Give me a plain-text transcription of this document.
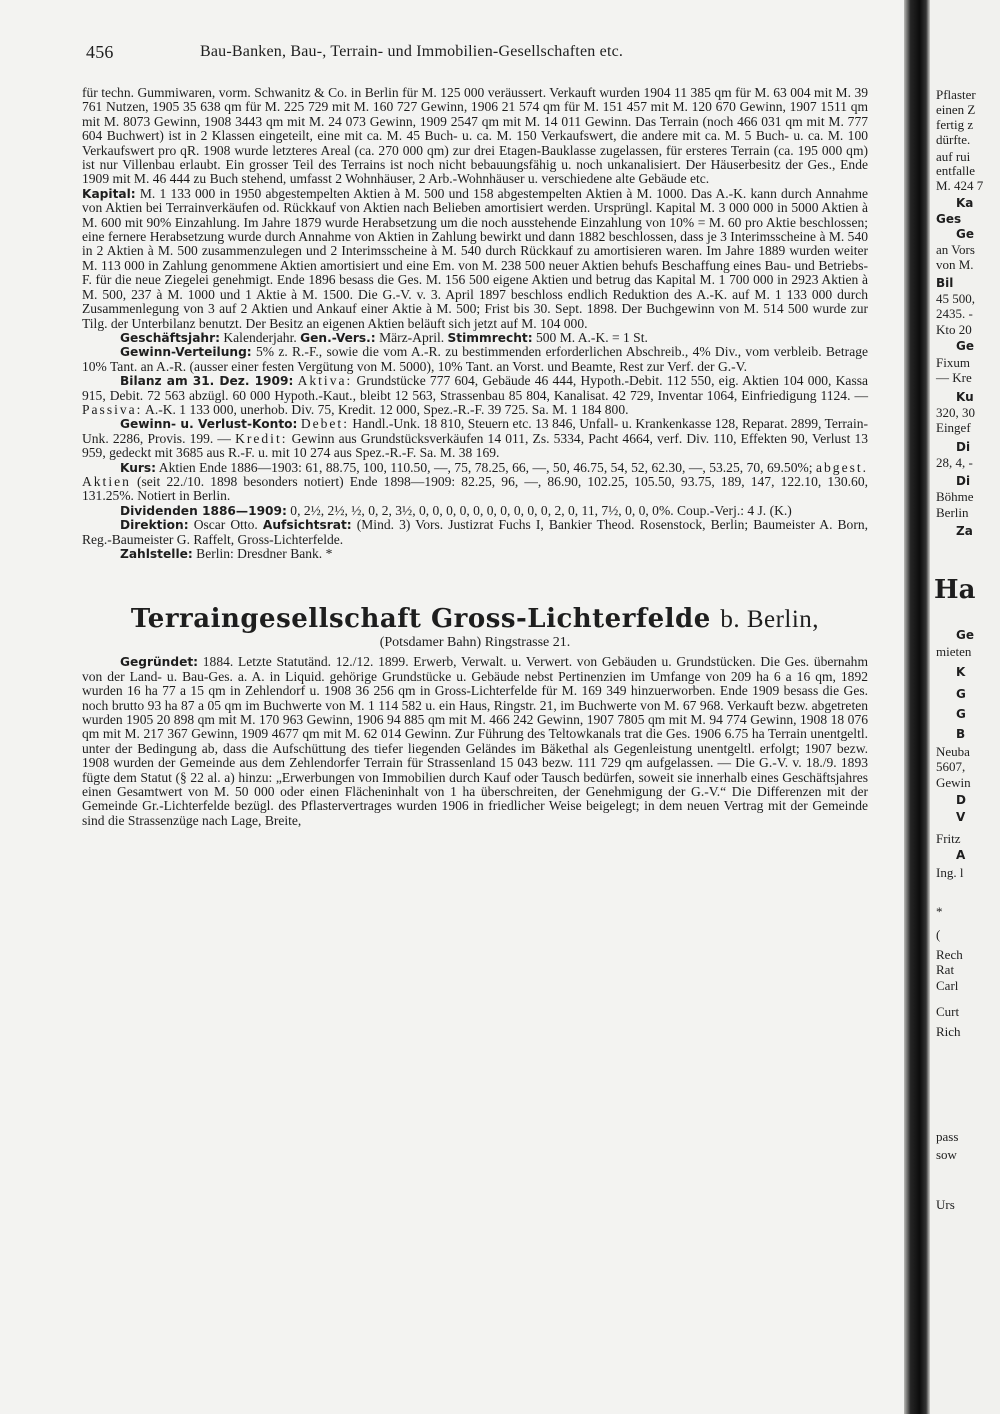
456	Bau-Banken, Bau-, Terrain- und Immobilien-Gesellschaften etc.

für techn. Gummiwaren, vorm. Schwanitz & Co. in Berlin für M. 125 000 veräussert. Verkauft wurden 1904 11 385 qm für M. 63 004 mit M. 39 761 Nutzen, 1905 35 638 qm für M. 225 729 mit M. 160 727 Gewinn, 1906 21 574 qm für M. 151 457 mit M. 120 670 Gewinn, 1907 1511 qm mit M. 8073 Gewinn, 1908 3443 qm mit M. 24 073 Gewinn, 1909 2547 qm mit M. 14 011 Gewinn. Das Terrain (noch 466 031 qm mit M. 777 604 Buchwert) ist in 2 Klassen eingeteilt, eine mit ca. M. 45 Buch- u. ca. M. 150 Verkaufswert, die andere mit ca. M. 5 Buch- u. ca. M. 100 Verkaufswert pro qR. 1908 wurde letzteres Areal (ca. 270 000 qm) zur drei Etagen-Bauklasse zugelassen, für ersteres Terrain (ca. 195 000 qm) ist nur Villenbau erlaubt. Ein grosser Teil des Terrains ist noch nicht bebauungsfähig u. noch unkanalisiert. Der Häuserbesitz der Ges., Ende 1909 mit M. 46 444 zu Buch stehend, umfasst 2 Wohnhäuser, 2 Arb.-Wohnhäuser u. verschiedene alte Gebäude etc.

Kapital: M. 1 133 000 in 1950 abgestempelten Aktien à M. 500 und 158 abgestempelten Aktien à M. 1000. Das A.-K. kann durch Annahme von Aktien bei Terrainverkäufen od. Rückkauf von Aktien nach Belieben amortisiert werden. Ursprüngl. Kapital M. 3 000 000 in 5000 Aktien à M. 600 mit 90% Einzahlung. Im Jahre 1879 wurde Herabsetzung um die noch ausstehende Einzahlung von 10% = M. 60 pro Aktie beschlossen; eine fernere Herabsetzung wurde durch Annahme von Aktien in Zahlung bewirkt und dann 1882 beschlossen, dass je 3 Interimsscheine à M. 540 in 2 Aktien à M. 500 zusammenzulegen und 2 Interimsscheine à M. 540 durch Rückkauf zu amortisieren waren. Im Jahre 1889 wurden weiter M. 113 000 in Zahlung genommene Aktien amortisiert und eine Em. von M. 238 500 neuer Aktien behufs Beschaffung eines Bau- und Betriebs-F. für die neue Ziegelei genehmigt. Ende 1896 besass die Ges. M. 156 500 eigene Aktien und betrug das Kapital M. 1 700 000 in 2923 Aktien à M. 500, 237 à M. 1000 und 1 Aktie à M. 1500. Die G.-V. v. 3. April 1897 beschloss endlich Reduktion des A.-K. auf M. 1 133 000 durch Zusammenlegung von 3 auf 2 Aktien und Ankauf einer Aktie à M. 500; Frist bis 30. Sept. 1898. Der Buchgewinn von M. 514 500 wurde zur Tilg. der Unterbilanz benutzt. Der Besitz an eigenen Aktien beläuft sich jetzt auf M. 104 000.

Geschäftsjahr: Kalenderjahr. Gen.-Vers.: März-April. Stimmrecht: 500 M. A.-K. = 1 St.

Gewinn-Verteilung: 5% z. R.-F., sowie die vom A.-R. zu bestimmenden erforderlichen Abschreib., 4% Div., vom verbleib. Betrage 10% Tant. an A.-R. (ausser einer festen Vergütung von M. 5000), 10% Tant. an Vorst. und Beamte, Rest zur Verf. der G.-V.

Bilanz am 31. Dez. 1909: Aktiva: Grundstücke 777 604, Gebäude 46 444, Hypoth.-Debit. 112 550, eig. Aktien 104 000, Kassa 915, Debit. 72 563 abzügl. 60 000 Hypoth.-Kaut., bleibt 12 563, Strassenbau 85 804, Kanalisat. 42 729, Inventar 1064, Einfriedigung 1124. — Passiva: A.-K. 1 133 000, unerhob. Div. 75, Kredit. 12 000, Spez.-R.-F. 39 725. Sa. M. 1 184 800.

Gewinn- u. Verlust-Konto: Debet: Handl.-Unk. 18 810, Steuern etc. 13 846, Unfall- u. Krankenkasse 128, Reparat. 2899, Terrain-Unk. 2286, Provis. 199. — Kredit: Gewinn aus Grundstücksverkäufen 14 011, Zs. 5334, Pacht 4664, verf. Div. 110, Effekten 90, Verlust 13 959, gedeckt mit 3685 aus R.-F. u. mit 10 274 aus Spez.-R.-F. Sa. M. 38 169.

Kurs: Aktien Ende 1886—1903: 61, 88.75, 100, 110.50, —, 75, 78.25, 66, —, 50, 46.75, 54, 52, 62.30, —, 53.25, 70, 69.50%; abgest. Aktien (seit 22./10. 1898 besonders notiert) Ende 1898—1909: 82.25, 96, —, 86.90, 102.25, 105.50, 93.75, 189, 147, 122.10, 130.60, 131.25%. Notiert in Berlin.

Dividenden 1886—1909: 0, 2½, 2½, ½, 0, 2, 3½, 0, 0, 0, 0, 0, 0, 0, 0, 0, 0, 2, 0, 11, 7½, 0, 0, 0%. Coup.-Verj.: 4 J. (K.)

Direktion: Oscar Otto. Aufsichtsrat: (Mind. 3) Vors. Justizrat Fuchs I, Bankier Theod. Rosenstock, Berlin; Baumeister A. Born, Reg.-Baumeister G. Raffelt, Gross-Lichterfelde.

Zahlstelle: Berlin: Dresdner Bank. *

Terraingesellschaft Gross-Lichterfelde b. Berlin,
(Potsdamer Bahn) Ringstrasse 21.

Gegründet: 1884. Letzte Statutänd. 12./12. 1899. Erwerb, Verwalt. u. Verwert. von Gebäuden u. Grundstücken. Die Ges. übernahm von der Land- u. Bau-Ges. a. A. in Liquid. gehörige Grundstücke u. Gebäude nebst Pertinenzien im Umfange von 209 ha 6 a 16 qm, 1892 wurden 16 ha 77 a 15 qm in Zehlendorf u. 1908 36 256 qm in Gross-Lichterfelde für M. 169 349 hinzuerworben. Ende 1909 besass die Ges. noch brutto 93 ha 87 a 05 qm im Buchwerte von M. 1 114 582 u. ein Haus, Ringstr. 21, im Buchwerte von M. 67 968. Verkauft bezw. abgetreten wurden 1905 20 898 qm mit M. 170 963 Gewinn, 1906 94 885 qm mit M. 466 242 Gewinn, 1907 7805 qm mit M. 94 774 Gewinn, 1908 18 076 qm mit M. 217 367 Gewinn, 1909 4677 qm mit M. 62 014 Gewinn. Zur Führung des Teltowkanals trat die Ges. 1906 6.75 ha Terrain unentgeltl. unter der Bedingung ab, dass die Aufschüttung des tiefer liegenden Geländes im Bäkethal als Gegenleistung unentgeltl. erfolgt; 1907 bezw. 1908 wurden der Gemeinde aus dem Zehlendorfer Terrain für Strassenland 15 043 bezw. 111 729 qm aufgelassen. — Die G.-V. v. 18./9. 1893 fügte dem Statut (§ 22 al. a) hinzu: „Erwerbungen von Immobilien durch Kauf oder Tausch bedürfen, soweit sie innerhalb eines Geschäftsjahres einen Gesamtwert von M. 50 000 oder einen Flächeninhalt von 1 ha überschreiten, der Genehmigung der G.-V.“ Die Differenzen mit der Gemeinde Gr.-Lichterfelde bezügl. des Pflastervertrages wurden 1906 in friedlicher Weise beigelegt; in dem neuen Vertrag mit der Gemeinde sind die Strassenzüge nach Lage, Breite,

Pflaster
einen Z
fertig z
dürfte.
auf rui
entfalle
M. 424 7
Ka
Ges
Ge
an Vors
von M.
Bil
45 500,
2435. -
Kto 20
Ge
Fixum
— Kre
Ku
320, 30
Eingef
Di
28, 4, -
Di
Böhme
Berlin
Za
Ha
Ge
mieten
K
G
G
B
Neuba
5607,
Gewin
D
V
Fritz
A
Ing. l
*
(
Rech
Rat
Carl
Curt
Rich
pass
sow
Urs
